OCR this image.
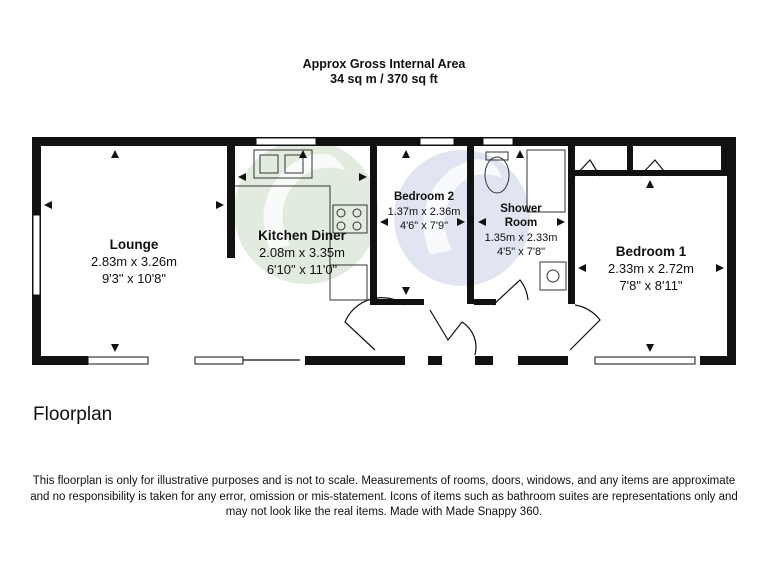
Approx Gross Internal Area
34 sq m / 370 sq ft
Lounge
2.83m x 3.26m
9'3" x 10'8"
Kitchen Diner
2.08m x 3.35m
6'10" x 11'0"
Bedroom 2
1.37m x 2.36m
4'6" x 7'9"
Shower
Room
1.35m x 2.33m
4'5" x 7'8"	Bedroom 1
2.33m x 2.72m
7'8" x 8'11"
Floorplan
This floorplan is only for illustrative purposes and is not to scale. Measurements of rooms, doors, windows, and any items are approximate
and no responsibility is taken for any error, omission or mis-statement. Icons of items such as bathroom suites are representations only and
may not look like the real items. Made with Made Snappy 360.
